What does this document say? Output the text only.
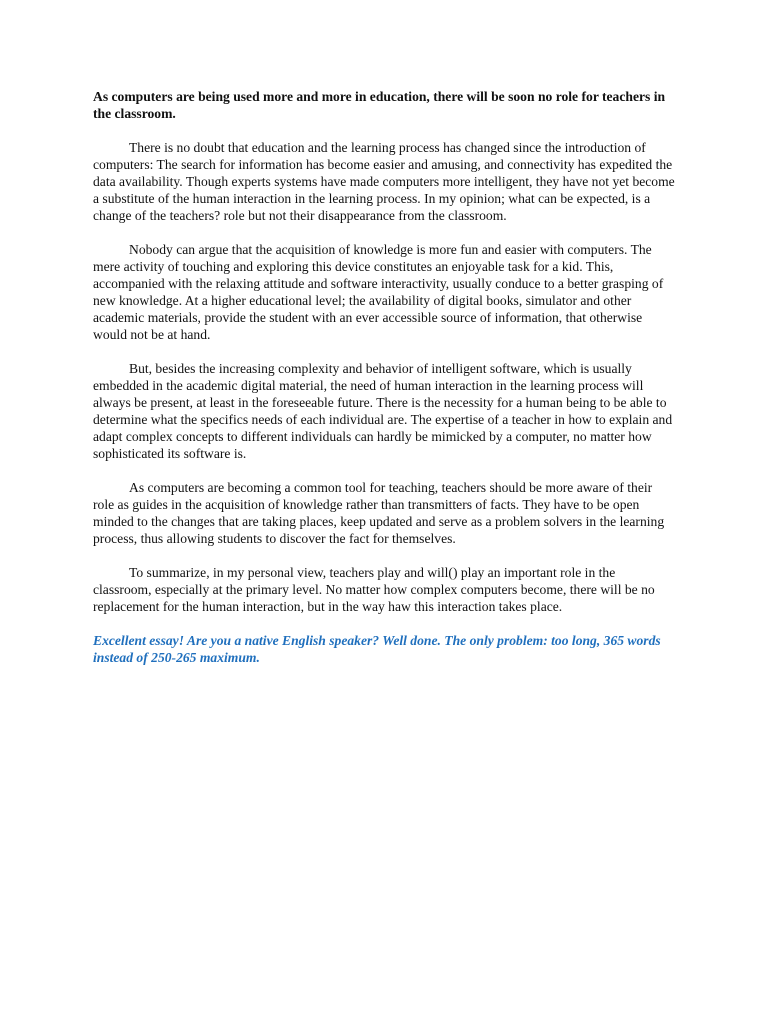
As computers are being used more and more in education, there will be soon no role for teachers in the classroom.

There is no doubt that education and the learning process has changed since the introduction of computers: The search for information has become easier and amusing, and connectivity has expedited the data availability. Though experts systems have made computers more intelligent, they have not yet become a substitute of the human interaction in the learning process. In my opinion; what can be expected, is a change of the teachers? role but not their disappearance from the classroom.

Nobody can argue that the acquisition of knowledge is more fun and easier with computers. The mere activity of touching and exploring this device constitutes an enjoyable task for a kid. This, accompanied with the relaxing attitude and software interactivity, usually conduce to a better grasping of new knowledge. At a higher educational level; the availability of digital books, simulator and other academic materials, provide the student with an ever accessible source of information, that otherwise would not be at hand.

But, besides the increasing complexity and behavior of intelligent software, which is usually embedded in the academic digital material, the need of human interaction in the learning process will always be present, at least in the foreseeable future. There is the necessity for a human being to be able to determine what the specifics needs of each individual are. The expertise of a teacher in how to explain and adapt complex concepts to different individuals can hardly be mimicked by a computer, no matter how sophisticated its software is.

As computers are becoming a common tool for teaching, teachers should be more aware of their role as guides in the acquisition of knowledge rather than transmitters of facts. They have to be open minded to the changes that are taking places, keep updated and serve as a problem solvers in the learning process, thus allowing students to discover the fact for themselves.

To summarize, in my personal view, teachers play and will() play an important role in the classroom, especially at the primary level. No matter how complex computers become, there will be no replacement for the human interaction, but in the way haw this interaction takes place.

Excellent essay! Are you a native English speaker? Well done. The only problem: too long, 365 words instead of 250-265 maximum.
